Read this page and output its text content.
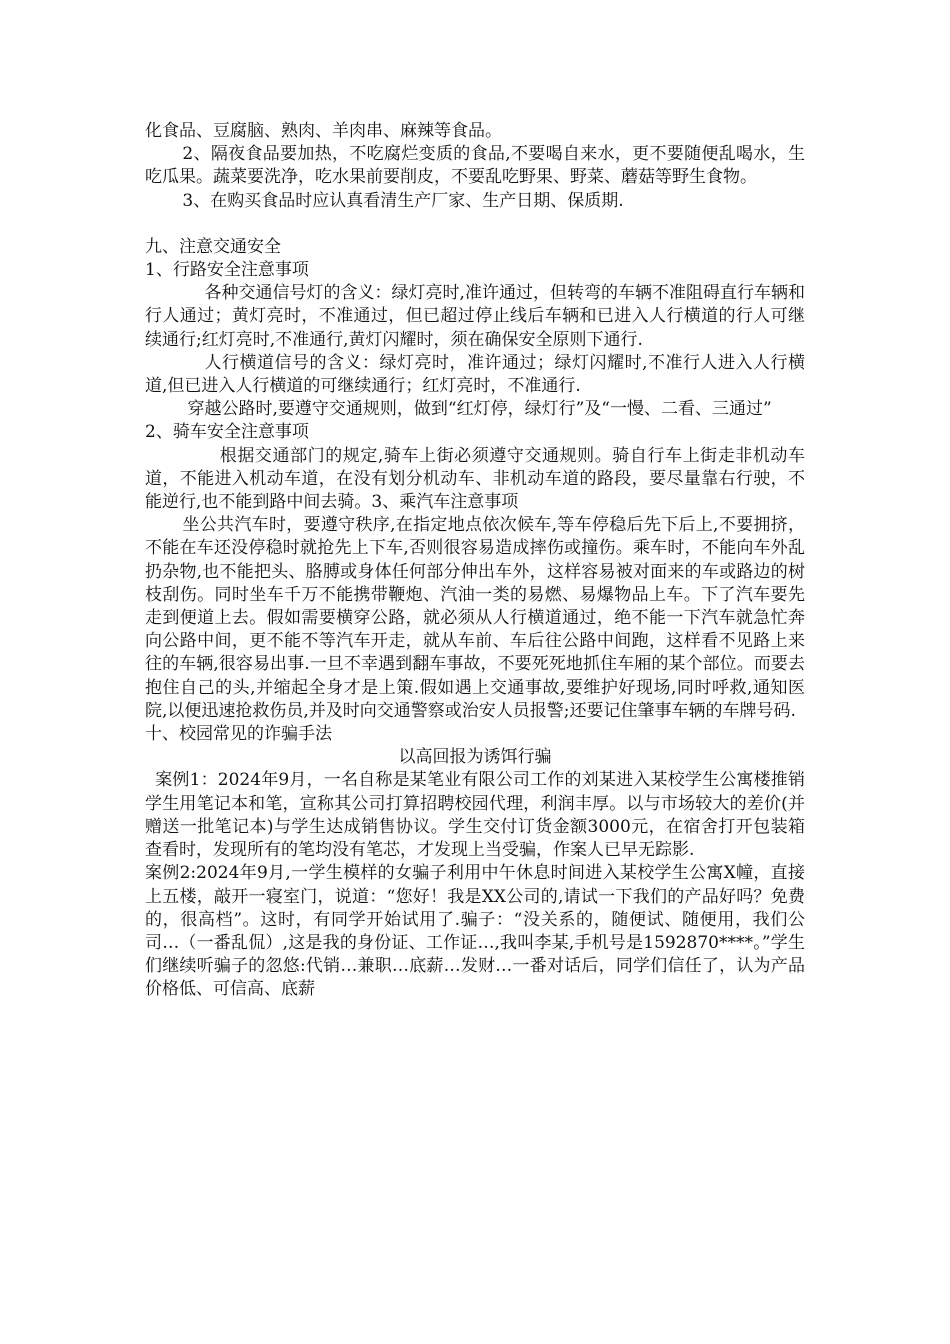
化食品、豆腐脑、熟肉、羊肉串、麻辣等食品。

2、隔夜食品要加热，不吃腐烂变质的食品,不要喝自来水，更不要随便乱喝水，生吃瓜果。蔬菜要洗净，吃水果前要削皮，不要乱吃野果、野菜、蘑菇等野生食物。

3、在购买食品时应认真看清生产厂家、生产日期、保质期.

九、注意交通安全

1、行路安全注意事项

各种交通信号灯的含义：绿灯亮时,准许通过，但转弯的车辆不准阻碍直行车辆和行人通过；黄灯亮时，不准通过，但已超过停止线后车辆和已进入人行横道的行人可继续通行;红灯亮时,不准通行,黄灯闪耀时，须在确保安全原则下通行.

人行横道信号的含义：绿灯亮时，准许通过；绿灯闪耀时,不准行人进入人行横道,但已进入人行横道的可继续通行；红灯亮时，不准通行.

穿越公路时,要遵守交通规则，做到“红灯停，绿灯行”及“一慢、二看、三通过”

2、骑车安全注意事项

根据交通部门的规定,骑车上街必须遵守交通规则。骑自行车上街走非机动车道，不能进入机动车道，在没有划分机动车、非机动车道的路段，要尽量靠右行驶，不能逆行,也不能到路中间去骑。3、乘汽车注意事项

坐公共汽车时，要遵守秩序,在指定地点依次候车,等车停稳后先下后上,不要拥挤，不能在车还没停稳时就抢先上下车,否则很容易造成摔伤或撞伤。乘车时，不能向车外乱扔杂物,也不能把头、胳膊或身体任何部分伸出车外，这样容易被对面来的车或路边的树枝刮伤。同时坐车千万不能携带鞭炮、汽油一类的易燃、易爆物品上车。下了汽车要先走到便道上去。假如需要横穿公路，就必须从人行横道通过，绝不能一下汽车就急忙奔向公路中间，更不能不等汽车开走，就从车前、车后往公路中间跑，这样看不见路上来往的车辆,很容易出事.一旦不幸遇到翻车事故，不要死死地抓住车厢的某个部位。而要去抱住自己的头,并缩起全身才是上策.假如遇上交通事故,要维护好现场,同时呼救,通知医院,以便迅速抢救伤员,并及时向交通警察或治安人员报警;还要记住肇事车辆的车牌号码.

十、校园常见的诈骗手法

以高回报为诱饵行骗

案例1：2024年9月，一名自称是某笔业有限公司工作的刘某进入某校学生公寓楼推销学生用笔记本和笔，宣称其公司打算招聘校园代理，利润丰厚。以与市场较大的差价(并赠送一批笔记本)与学生达成销售协议。学生交付订货金额3000元，在宿舍打开包装箱查看时，发现所有的笔均没有笔芯，才发现上当受骗，作案人已早无踪影.

案例2:2024年9月,一学生模样的女骗子利用中午休息时间进入某校学生公寓X幢，直接上五楼，敲开一寝室门，说道：“您好！我是XX公司的,请试一下我们的产品好吗？免费的，很高档”。这时，有同学开始试用了.骗子：“没关系的，随便试、随便用，我们公司…（一番乱侃）,这是我的身份证、工作证…,我叫李某,手机号是1592870****。”学生们继续听骗子的忽悠:代销…兼职…底薪…发财…一番对话后，同学们信任了，认为产品价格低、可信高、底薪
